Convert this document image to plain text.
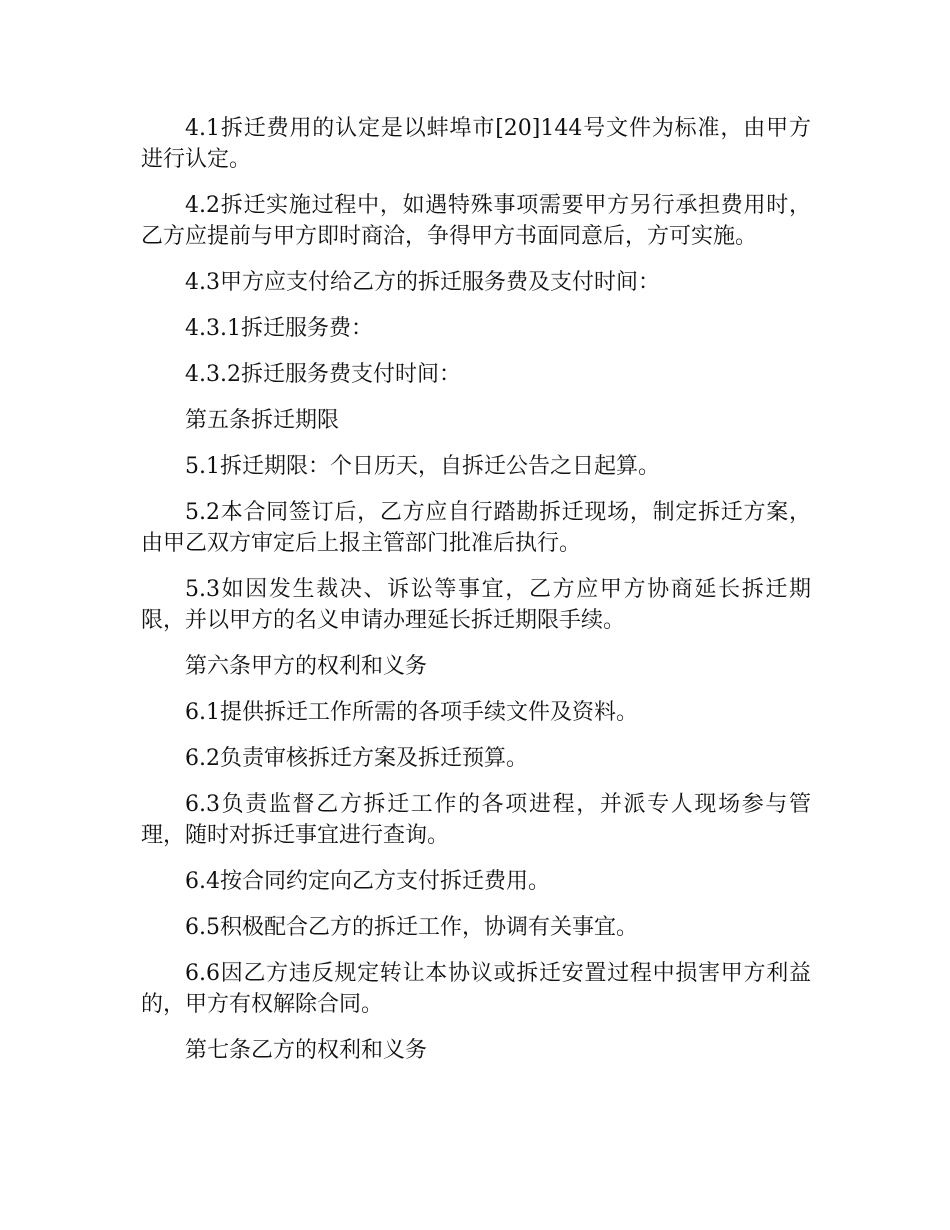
4.1拆迁费用的认定是以蚌埠市[20]144号文件为标准，由甲方进行认定。

4.2拆迁实施过程中，如遇特殊事项需要甲方另行承担费用时，乙方应提前与甲方即时商洽，争得甲方书面同意后，方可实施。

4.3甲方应支付给乙方的拆迁服务费及支付时间：

4.3.1拆迁服务费：

4.3.2拆迁服务费支付时间：

第五条拆迁期限

5.1拆迁期限：个日历天，自拆迁公告之日起算。

5.2本合同签订后，乙方应自行踏勘拆迁现场，制定拆迁方案，由甲乙双方审定后上报主管部门批准后执行。

5.3如因发生裁决、诉讼等事宜，乙方应甲方协商延长拆迁期限，并以甲方的名义申请办理延长拆迁期限手续。

第六条甲方的权利和义务

6.1提供拆迁工作所需的各项手续文件及资料。

6.2负责审核拆迁方案及拆迁预算。

6.3负责监督乙方拆迁工作的各项进程，并派专人现场参与管理，随时对拆迁事宜进行查询。

6.4按合同约定向乙方支付拆迁费用。

6.5积极配合乙方的拆迁工作，协调有关事宜。

6.6因乙方违反规定转让本协议或拆迁安置过程中损害甲方利益的，甲方有权解除合同。

第七条乙方的权利和义务
